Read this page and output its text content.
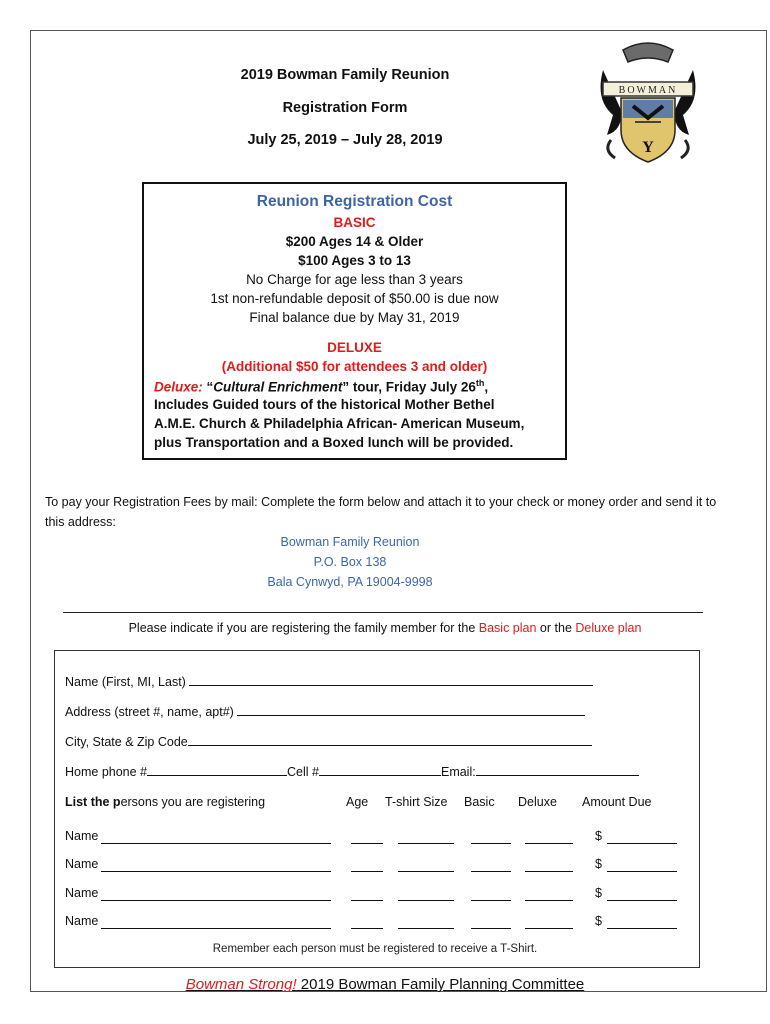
2019 Bowman Family Reunion
Registration Form
July 25, 2019 – July 28, 2019
BOWMAN
Y
Reunion Registration Cost
BASIC
$200 Ages 14 & Older
$100 Ages 3 to 13
No Charge for age less than 3 years
1st non-refundable deposit of $50.00 is due now
Final balance due by May 31, 2019
DELUXE
(Additional $50 for attendees 3 and older)
Deluxe: “Cultural Enrichment” tour, Friday July 26th,
Includes Guided tours of the historical Mother Bethel
A.M.E. Church & Philadelphia African- American Museum,
plus Transportation and a Boxed lunch will be provided.
To pay your Registration Fees by mail: Complete the form below and attach it to your check or money order and send it to this address:
Bowman Family Reunion
P.O. Box 138
Bala Cynwyd, PA 19004-9998
Please indicate if you are registering the family member for the Basic plan or the Deluxe plan
Name (First, MI, Last)
Address (street #, name, apt#)
City, State & Zip Code
Home phone #	Cell #	Email:
List the persons you are registering	Age T-shirt Size Basic Deluxe Amount Due
Name	$
Name	$
Name	$
Name	$
Remember each person must be registered to receive a T-Shirt.
Bowman Strong! 2019 Bowman Family Planning Committee
